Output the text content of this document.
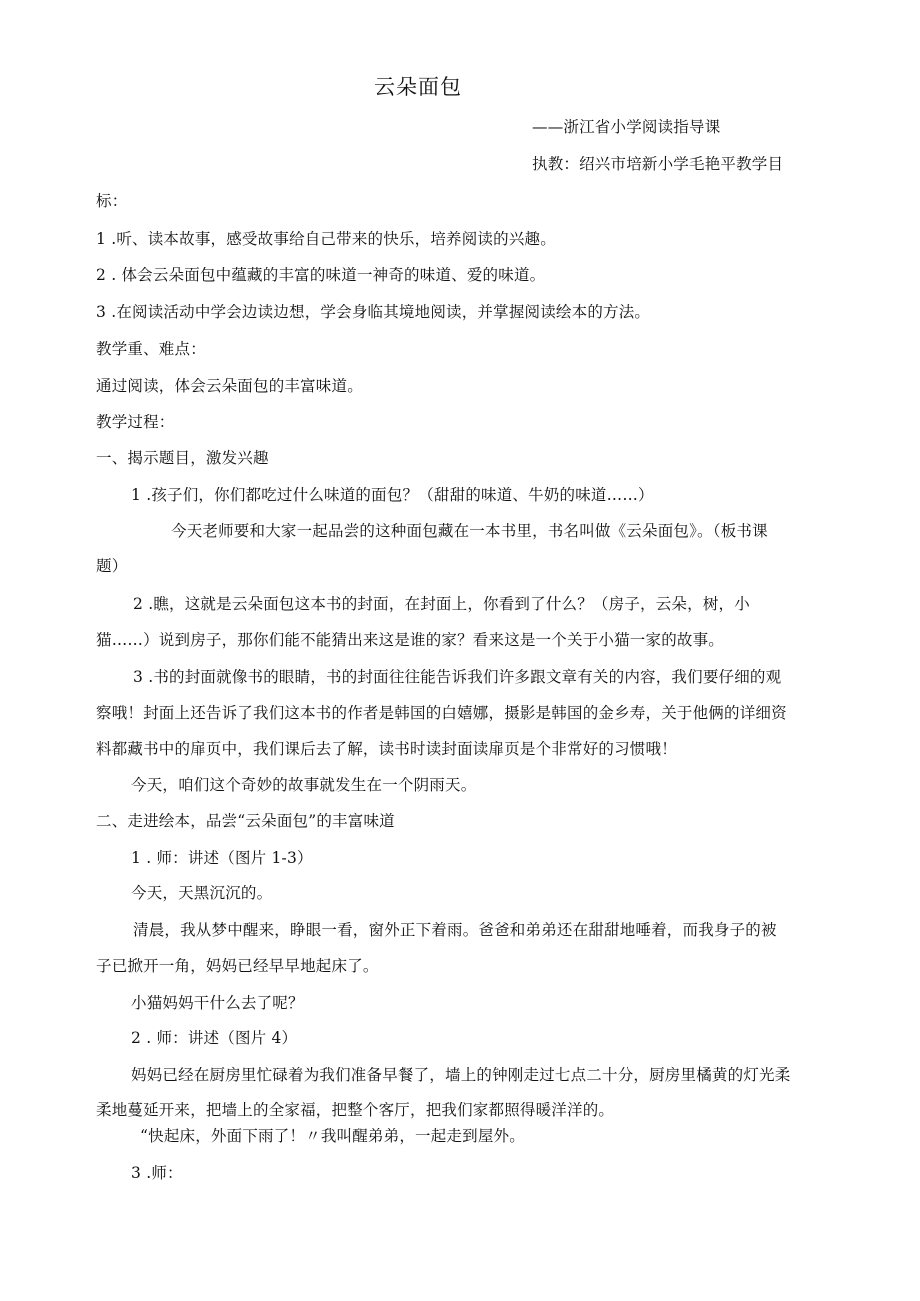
云朵面包
——浙江省小学阅读指导课
执教：绍兴市培新小学毛艳平教学目
标：
1 .听、读本故事，感受故事给自己带来的快乐，培养阅读的兴趣。
2 . 体会云朵面包中蕴藏的丰富的味道一神奇的味道、爱的味道。
3 .在阅读活动中学会边读边想，学会身临其境地阅读，并掌握阅读绘本的方法。
教学重、难点：
通过阅读，体会云朵面包的丰富味道。
教学过程：
一、揭示题目，激发兴趣
1 .孩子们，你们都吃过什么味道的面包？（甜甜的味道、牛奶的味道……）
今天老师要和大家一起品尝的这种面包藏在一本书里，书名叫做《云朵面包》。（板书课
题）
2 .瞧，这就是云朵面包这本书的封面，在封面上，你看到了什么？（房子，云朵，树，小
猫……）说到房子，那你们能不能猜出来这是谁的家？看来这是一个关于小猫一家的故事。
3 .书的封面就像书的眼睛，书的封面往往能告诉我们许多跟文章有关的内容，我们要仔细的观
察哦！封面上还告诉了我们这本书的作者是韩国的白嬉娜，摄影是韩国的金乡寿，关于他俩的详细资
料都藏书中的扉页中，我们课后去了解，读书时读封面读扉页是个非常好的习惯哦！
今天，咱们这个奇妙的故事就发生在一个阴雨天。
二、走进绘本，品尝“云朵面包”的丰富味道
1 . 师：讲述（图片 1-3）
今天，天黑沉沉的。
清晨，我从梦中醒来，睁眼一看，窗外正下着雨。爸爸和弟弟还在甜甜地唾着，而我身子的被
子已掀开一角，妈妈已经早早地起床了。
小猫妈妈干什么去了呢？
2 . 师：讲述（图片 4）
妈妈已经在厨房里忙碌着为我们准备早餐了，墙上的钟刚走过七点二十分，厨房里橘黄的灯光柔
柔地蔓延开来，把墙上的全家福，把整个客厅，把我们家都照得暖洋洋的。
“快起床，外面下雨了！〃我叫醒弟弟，一起走到屋外。
3 .师：
